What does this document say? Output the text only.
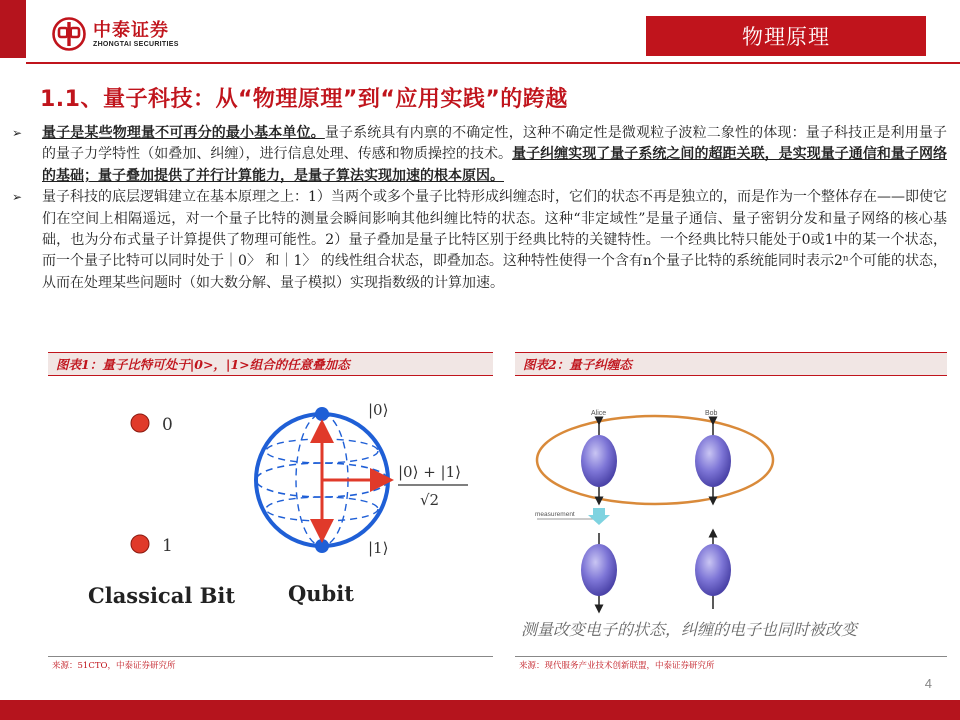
中泰证券
ZHONGTAI SECURITIES	物理原理
1.1、量子科技：从“物理原理”到“应用实践”的跨越
➢ 量子是某些物理量不可再分的最小基本单位。量子系统具有内禀的不确定性，这种不确定性是微观粒子波粒二象性的体现：量子科技正是利用量子的量子力学特性（如叠加、纠缠），进行信息处理、传感和物质操控的技术。量子纠缠实现了量子系统之间的超距关联，是实现量子通信和量子网络的基础；量子叠加提供了并行计算能力，是量子算法实现加速的根本原因。
➢ 量子科技的底层逻辑建立在基本原理之上：1）当两个或多个量子比特形成纠缠态时，它们的状态不再是独立的，而是作为一个整体存在——即使它们在空间上相隔遥远，对一个量子比特的测量会瞬间影响其他纠缠比特的状态。这种“非定域性”是量子通信、量子密钥分发和量子网络的核心基础，也为分布式量子计算提供了物理可能性。2）量子叠加是量子比特区别于经典比特的关键特性。一个经典比特只能处于0或1中的某一个状态，而一个量子比特可以同时处于｜0〉 和｜1〉 的线性组合状态，即叠加态。这种特性使得一个含有n个量子比特的系统能同时表示2ⁿ个可能的状态，从而在处理某些问题时（如大数分解、量子模拟）实现指数级的计算加速。
图表1：量子比特可处于|0>，|1>组合的任意叠加态	图表2：量子纠缠态
0
1
|0⟩
|1⟩
|0⟩ + |1⟩
√2
Classical Bit	Qubit
Alice	Bob
measurement
测量改变电子的状态，纠缠的电子也同时被改变
来源：51CTO，中泰证券研究所	来源：现代服务产业技术创新联盟，中泰证券研究所
4
